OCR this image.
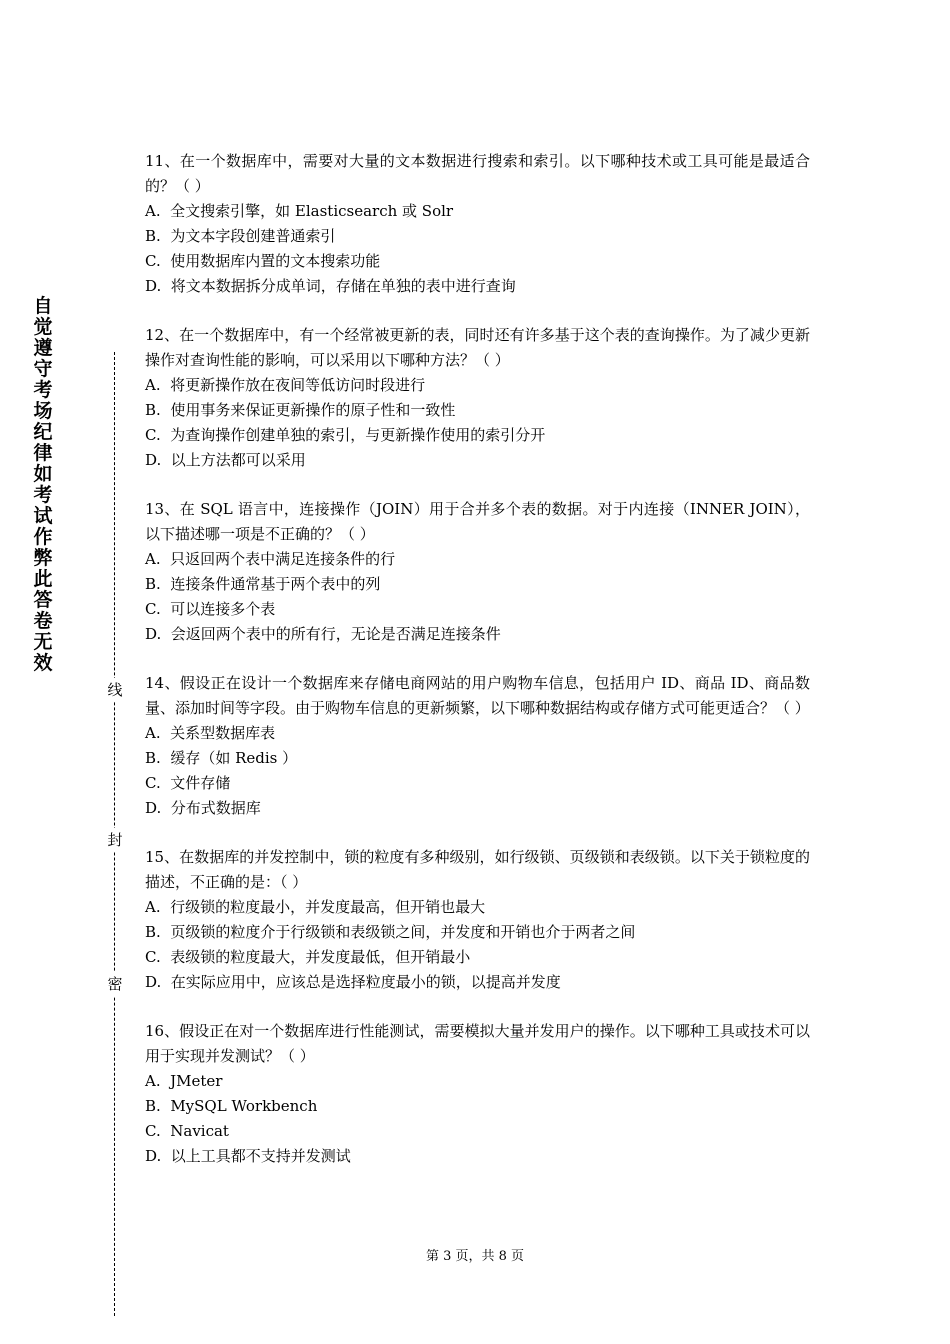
自觉遵守考场纪律如考试作弊此答卷无效
线
封
密
11、在一个数据库中，需要对大量的文本数据进行搜索和索引。以下哪种技术或工具可能是最适合的？（ ）
A.  全文搜索引擎，如 Elasticsearch 或 Solr
B.  为文本字段创建普通索引
C.  使用数据库内置的文本搜索功能
D.  将文本数据拆分成单词，存储在单独的表中进行查询
12、在一个数据库中，有一个经常被更新的表，同时还有许多基于这个表的查询操作。为了减少更新操作对查询性能的影响，可以采用以下哪种方法？（ ）
A.  将更新操作放在夜间等低访问时段进行
B.  使用事务来保证更新操作的原子性和一致性
C.  为查询操作创建单独的索引，与更新操作使用的索引分开
D.  以上方法都可以采用
13、在 SQL 语言中，连接操作（JOIN）用于合并多个表的数据。对于内连接（INNER JOIN），以下描述哪一项是不正确的？（ ）
A.  只返回两个表中满足连接条件的行
B.  连接条件通常基于两个表中的列
C.  可以连接多个表
D.  会返回两个表中的所有行，无论是否满足连接条件
14、假设正在设计一个数据库来存储电商网站的用户购物车信息，包括用户 ID、商品 ID、商品数量、添加时间等字段。由于购物车信息的更新频繁，以下哪种数据结构或存储方式可能更适合？（ ）
A.  关系型数据库表
B.  缓存（如 Redis ）
C.  文件存储
D.  分布式数据库
15、在数据库的并发控制中，锁的粒度有多种级别，如行级锁、页级锁和表级锁。以下关于锁粒度的描述，不正确的是：（ ）
A.  行级锁的粒度最小，并发度最高，但开销也最大
B.  页级锁的粒度介于行级锁和表级锁之间，并发度和开销也介于两者之间
C.  表级锁的粒度最大，并发度最低，但开销最小
D.  在实际应用中，应该总是选择粒度最小的锁，以提高并发度
16、假设正在对一个数据库进行性能测试，需要模拟大量并发用户的操作。以下哪种工具或技术可以用于实现并发测试？（ ）
A.  JMeter
B.  MySQL Workbench
C.  Navicat
D.  以上工具都不支持并发测试
第 3 页，共 8 页
